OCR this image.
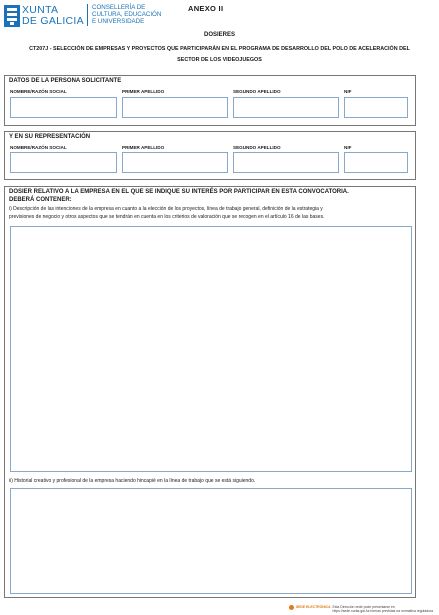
XUNTA
DE GALICIA
CONSELLERÍA DE
CULTURA, EDUCACIÓN
E UNIVERSIDADE
ANEXO II
DOSIERES
CT207J - SELECCIÓN DE EMPRESAS Y PROYECTOS QUE PARTICIPARÁN EN EL PROGRAMA DE DESARROLLO DEL POLO DE ACELERACIÓN DEL
SECTOR DE LOS VIDEOJUEGOS
DATOS DE LA PERSONA SOLICITANTE
NOMBRE/RAZÓN SOCIAL	PRIMER APELLIDO	SEGUNDO APELLIDO	NIF
Y EN SU REPRESENTACIÓN
NOMBRE/RAZÓN SOCIAL	PRIMER APELLIDO	SEGUNDO APELLIDO	NIF
DOSIER RELATIVO A LA EMPRESA EN EL QUE SE INDIQUE SU INTERÉS POR PARTICIPAR EN ESTA CONVOCATORIA.
DEBERÁ CONTENER:
i) Descripción de las intenciones de la empresa en cuanto a la elección de los proyectos, línea de trabajo general, definición de la estrategia y
previsiones de negocio y otros aspectos que se tendrán en cuenta en los criterios de valoración que se recogen en el artículo 16 de las bases.
ii) Historial creativo y profesional de la empresa haciendo hincapié en la línea de trabajo que se está siguiendo.
SEDE ELECTRÓNICA Esta Dirección xede pode presentarse en
https://sede.xunta.gal As formas previstas na normativa reguladora
